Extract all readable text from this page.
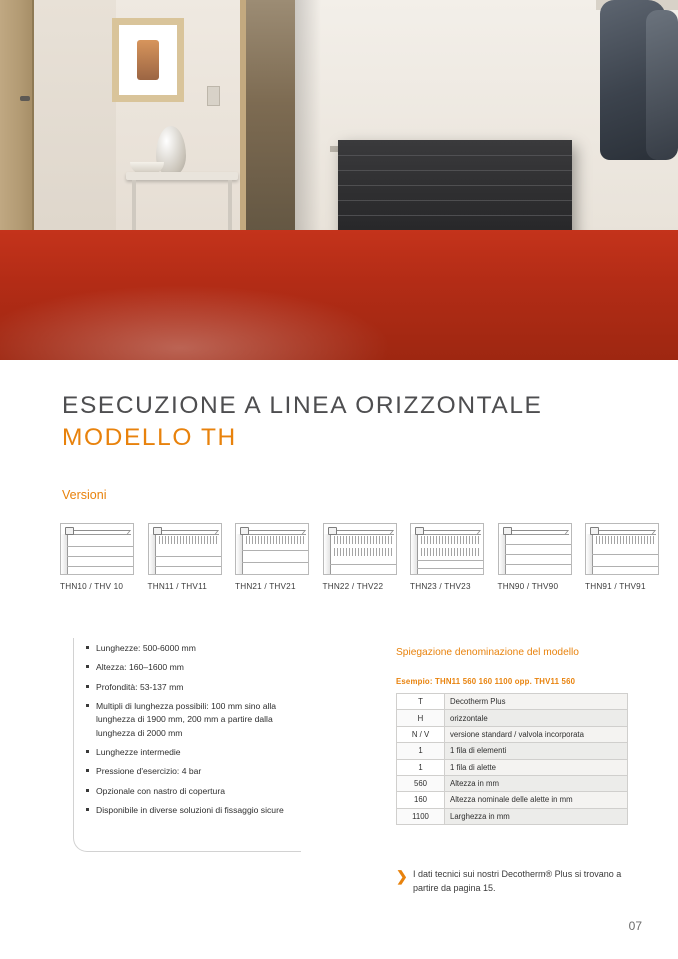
ESECUZIONE A LINEA ORIZZONTALE
MODELLO TH
Versioni
THN10 / THV 10	THN11 / THV11	THN21 / THV21	THN22 / THV22	THN23 / THV23	THN90 / THV90	THN91 / THV91
Lunghezze: 500-6000 mm
Altezza: 160–1600 mm
Profondità: 53-137 mm
Multipli di lunghezza possibili: 100 mm sino alla lunghezza di 1900 mm, 200 mm a partire dalla lunghezza di 2000 mm
Lunghezze intermedie
Pressione d'esercizio: 4 bar
Opzionale con nastro di copertura
Disponibile in diverse soluzioni di fissaggio sicure
Spiegazione denominazione del modello
Esempio: THN11 560 160 1100 opp. THV11 560
T	Decotherm Plus
H	orizzontale
N / V	versione standard / valvola incorporata
1	1 fila di elementi
1	1 fila di alette
560	Altezza in mm
160	Altezza nominale delle alette in mm
1100	Larghezza in mm
❯ I dati tecnici sui nostri Decotherm® Plus si trovano a partire da pagina 15.
07
